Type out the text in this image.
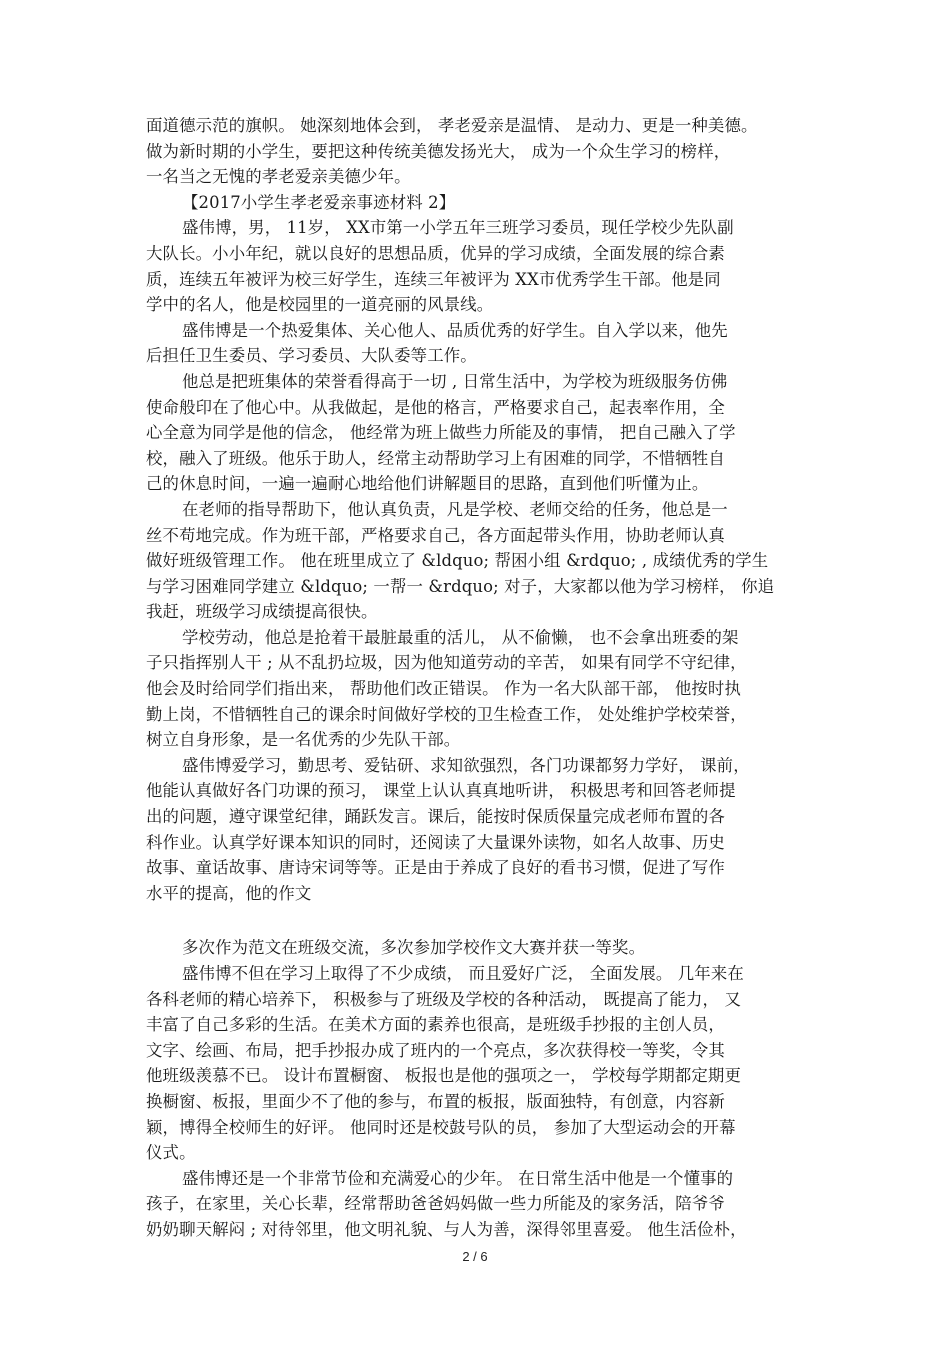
面道德示范的旗帜。 她深刻地体会到， 孝老爱亲是温情、 是动力、更是一种美德。
做为新时期的小学生，要把这种传统美德发扬光大， 成为一个众生学习的榜样，
一名当之无愧的孝老爱亲美德少年。
【2017小学生孝老爱亲事迹材料 2】
盛伟博，男， 11岁， XX市第一小学五年三班学习委员，现任学校少先队副
大队长。小小年纪，就以良好的思想品质，优异的学习成绩，全面发展的综合素
质，连续五年被评为校三好学生，连续三年被评为 XX市优秀学生干部。他是同
学中的名人，他是校园里的一道亮丽的风景线。
盛伟博是一个热爱集体、关心他人、品质优秀的好学生。自入学以来，他先
后担任卫生委员、学习委员、大队委等工作。
他总是把班集体的荣誉看得高于一切 , 日常生活中，为学校为班级服务仿佛
使命般印在了他心中。从我做起，是他的格言，严格要求自己，起表率作用，全
心全意为同学是他的信念， 他经常为班上做些力所能及的事情， 把自己融入了学
校，融入了班级。他乐于助人，经常主动帮助学习上有困难的同学，不惜牺牲自
己的休息时间，一遍一遍耐心地给他们讲解题目的思路，直到他们听懂为止。
在老师的指导帮助下，他认真负责，凡是学校、老师交给的任务，他总是一
丝不苟地完成。作为班干部，严格要求自己，各方面起带头作用，协助老师认真
做好班级管理工作。 他在班里成立了 &ldquo; 帮困小组 &rdquo; , 成绩优秀的学生
与学习困难同学建立 &ldquo; 一帮一 &rdquo; 对子，大家都以他为学习榜样， 你追
我赶，班级学习成绩提高很快。
学校劳动，他总是抢着干最脏最重的活儿， 从不偷懒， 也不会拿出班委的架
子只指挥别人干 ; 从不乱扔垃圾，因为他知道劳动的辛苦， 如果有同学不守纪律，
他会及时给同学们指出来， 帮助他们改正错误。 作为一名大队部干部， 他按时执
勤上岗，不惜牺牲自己的课余时间做好学校的卫生检查工作， 处处维护学校荣誉，
树立自身形象，是一名优秀的少先队干部。
盛伟博爱学习，勤思考、爱钻研、求知欲强烈，各门功课都努力学好， 课前，
他能认真做好各门功课的预习， 课堂上认认真真地听讲， 积极思考和回答老师提
出的问题，遵守课堂纪律，踊跃发言。课后，能按时保质保量完成老师布置的各
科作业。认真学好课本知识的同时，还阅读了大量课外读物，如名人故事、历史
故事、童话故事、唐诗宋词等等。正是由于养成了良好的看书习惯，促进了写作
水平的提高，他的作文
多次作为范文在班级交流，多次参加学校作文大赛并获一等奖。
盛伟博不但在学习上取得了不少成绩， 而且爱好广泛， 全面发展。 几年来在
各科老师的精心培养下， 积极参与了班级及学校的各种活动， 既提高了能力， 又
丰富了自己多彩的生活。在美术方面的素养也很高，是班级手抄报的主创人员，
文字、绘画、布局，把手抄报办成了班内的一个亮点，多次获得校一等奖，令其
他班级羡慕不已。 设计布置橱窗、 板报也是他的强项之一， 学校每学期都定期更
换橱窗、板报，里面少不了他的参与，布置的板报，版面独特，有创意，内容新
颖，博得全校师生的好评。 他同时还是校鼓号队的员， 参加了大型运动会的开幕
仪式。
盛伟博还是一个非常节俭和充满爱心的少年。 在日常生活中他是一个懂事的
孩子，在家里，关心长辈，经常帮助爸爸妈妈做一些力所能及的家务活，陪爷爷
奶奶聊天解闷 ; 对待邻里，他文明礼貌、与人为善，深得邻里喜爱。 他生活俭朴，
2 / 6
